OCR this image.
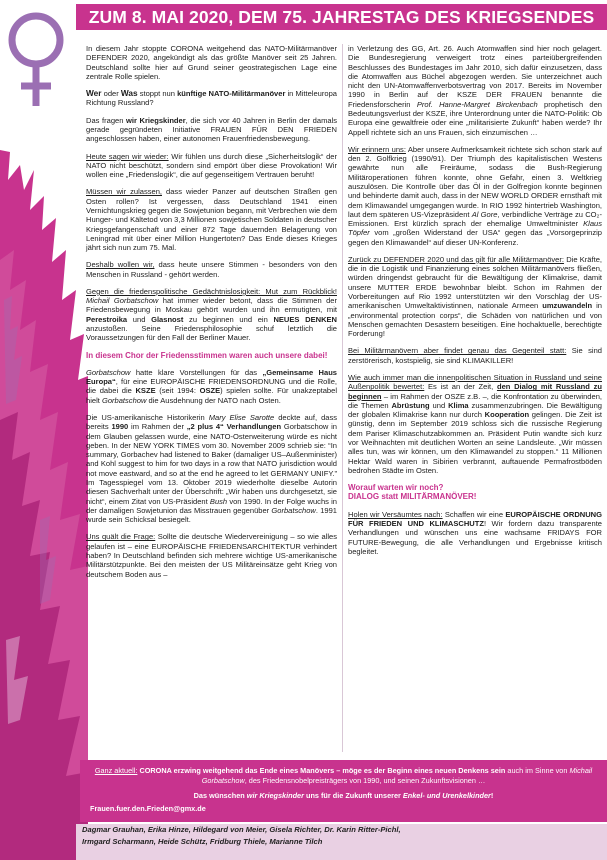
ZUM 8. MAI 2020, DEM 75. JAHRESTAG DES KRIEGSENDES

In diesem Jahr stoppte CORONA weitgehend das NATO-Militärmanöver DEFENDER 2020, angekündigt als das größte Manöver seit 25 Jahren. Deutschland sollte hier auf Grund seiner geostrategischen Lage eine zentrale Rolle spielen.

Wer oder Was stoppt nun künftige NATO-Militärmanöver in Mitteleuropa Richtung Russland?

Das fragen wir Kriegskinder, die sich vor 40 Jahren in Berlin der damals gerade gegründeten Initiative FRAUEN FÜR DEN FRIEDEN angeschlossen haben, einer autonomen Frauenfriedensbewegung.

Heute sagen wir wieder: Wir fühlen uns durch diese „Sicherheitslogik“ der NATO nicht beschützt, sondern sind empört über diese Provokation! Wir wollen eine „Friedenslogik“, die auf gegenseitigem Vertrauen beruht!

Müssen wir zulassen, dass wieder Panzer auf deutschen Straßen gen Osten rollen? Ist vergessen, dass Deutschland 1941 einen Vernichtungskrieg gegen die Sowjetunion begann, mit Verbrechen wie dem Hunger- und Kältetod von 3,3 Millionen sowjetischen Soldaten in deutscher Kriegsgefangenschaft und einer 872 Tage dauernden Belagerung von Leningrad mit über einer Million Hungertoten? Das Ende dieses Krieges jährt sich nun zum 75. Mal.

Deshalb wollen wir, dass heute unsere Stimmen - besonders von den Menschen in Russland - gehört werden.

Gegen die friedenspolitische Gedächtnislosigkeit: Mut zum Rückblick! Michail Gorbatschow hat immer wieder betont, dass die Stimmen der Friedensbewegung in Moskau gehört wurden und ihn ermutigten, mit Perestroika und Glasnost zu beginnen und ein NEUES DENKEN anzustoßen. Seine Friedensphilosophie schuf letztlich die Voraussetzungen für den Fall der Berliner Mauer.

In diesem Chor der Friedensstimmen waren auch unsere dabei!

Gorbatschow hatte klare Vorstellungen für das „Gemeinsame Haus Europa“, für eine EUROPÄISCHE FRIEDENSORDNUNG und die Rolle, die dabei die KSZE (seit 1994: OSZE) spielen sollte. Für unakzeptabel hielt Gorbatschow die Ausdehnung der NATO nach Osten.

Die US-amerikanische Historikerin Mary Elise Sarotte deckte auf, dass bereits 1990 im Rahmen der „2 plus 4“ Verhandlungen Gorbatschow in dem Glauben gelassen wurde, eine NATO-Osterweiterung würde es nicht geben. In der NEW YORK TIMES vom 30. November 2009 schrieb sie: “In summary, Gorbachev had listened to Baker (damaliger US–Außenminister) and Kohl suggest to him for two days in a row that NATO jurisdiction would not move eastward, and so at the end he agreed to let GERMANY UNIFY.” Im Tagesspiegel vom 13. Oktober 2019 wiederholte dieselbe Autorin diesen Sachverhalt unter der Überschrift: „Wir haben uns durchgesetzt, sie nicht“, einem Zitat von US-Präsident Bush von 1990. In der Folge wuchs in der damaligen Sowjetunion das Misstrauen gegenüber Gorbatschow. 1991 wurde sein Schicksal besiegelt.

Uns quält die Frage: Sollte die deutsche Wiedervereinigung – so wie alles gelaufen ist – eine EUROPÄISCHE FRIEDENSARCHITEKTUR verhindert haben? In Deutschland befinden sich mehrere wichtige US-amerikanische Militärstützpunkte. Bei den meisten der US Militäreinsätze geht Krieg von deutschem Boden aus –

in Verletzung des GG, Art. 26. Auch Atomwaffen sind hier noch gelagert. Die Bundesregierung verweigert trotz eines parteiübergreifenden Beschlusses des Bundestages im Jahr 2010, sich dafür einzusetzen, dass die Atomwaffen aus Büchel abgezogen werden. Sie unterzeichnet auch nicht den UN-Atomwaffenverbotsvertrag von 2017. Bereits im November 1990 in Berlin auf der KSZE DER FRAUEN benannte die Friedensforscherin Prof. Hanne-Margret Birckenbach prophetisch den Bedeutungsverlust der KSZE, ihre Unterordnung unter die NATO-Politik: Ob Europa eine gewaltfreie oder eine „militarisierte Zukunft“ haben werde? Ihr Appell richtete sich an uns Frauen, sich einzumischen …

Wir erinnern uns: Aber unsere Aufmerksamkeit richtete sich schon stark auf den 2. Golfkrieg (1990/91). Der Triumph des kapitalistischen Westens gewährte nun alle Freiräume, sodass die Bush-Regierung Militäroperationen führen konnte, ohne Gefahr, einen 3. Weltkrieg auszulösen. Die Kontrolle über das Öl in der Golfregion konnte beginnen und behinderte damit auch, dass in der NEW WORLD ORDER ernsthaft mit dem Klimawandel umgegangen wurde. In RIO 1992 hintertrieb Washington, laut dem späteren US-Vizepräsident Al Gore, verbindliche Verträge zu CO₂-Emissionen. Erst kürzlich sprach der ehemalige Umweltminister Klaus Töpfer vom „großen Widerstand der USA“ gegen das „Vorsorgeprinzip gegen den Klimawandel“ auf dieser UN-Konferenz.

Zurück zu DEFENDER 2020 und das gilt für alle Militärmanöver: Die Kräfte, die in die Logistik und Finanzierung eines solchen Militärmanövers fließen, würden dringendst gebraucht für die Bewältigung der Klimakrise, damit unsere MUTTER ERDE bewohnbar bleibt. Schon im Rahmen der Vorbereitungen auf Rio 1992 unterstützten wir den Vorschlag der US-amerikanischen Umweltaktivistinnen, nationale Armeen umzuwandeln in „environmental protection corps“, die Schäden von natürlichen und von Menschen gemachten Desastern beseitigen. Eine hochaktuelle, berechtigte Forderung!

Bei Militärmanövern aber findet genau das Gegenteil statt: Sie sind zerstörerisch, kostspielig, sie sind KLIMAKILLER!

Wie auch immer man die innenpolitischen Situation in Russland und seine Außenpolitik bewertet: Es ist an der Zeit, den Dialog mit Russland zu beginnen – im Rahmen der OSZE z.B. –, die Konfrontation zu überwinden, die Themen Abrüstung und Klima zusammenzubringen. Die Bewältigung der globalen Klimakrise kann nur durch Kooperation gelingen. Die Zeit ist günstig, denn im September 2019 schloss sich die russische Regierung dem Pariser Klimaschutzabkommen an. Präsident Putin wandte sich kurz vor Weihnachten mit deutlichen Worten an seine Landsleute. „Wir müssen alles tun, was wir können, um den Klimawandel zu stoppen.“ 11 Millionen Hektar Wald waren in Sibirien verbrannt, auftauende Permafrostböden bedrohen Städte im Osten.

Worauf warten wir noch?
DIALOG statt MILITÄRMANÖVER!

Holen wir Versäumtes nach: Schaffen wir eine EUROPÄISCHE ORDNUNG FÜR FRIEDEN UND KLIMASCHUTZ! Wir fordern dazu transparente Verhandlungen und wünschen uns eine wachsame FRIDAYS FOR FUTURE-Bewegung, die alle Verhandlungen und Ergebnisse kritisch begleitet.

Ganz aktuell: CORONA erzwing weitgehend das Ende eines Manövers – möge es der Beginn eines neuen Denkens sein auch im Sinne von Michail Gorbatschow, des Friedensnobelpreisträgers von 1990, und seinen Zukunftsvisionen …

Das wünschen wir Kriegskinder uns für die Zukunft unserer Enkel- und Urenkelkinder!

Frauen.fuer.den.Frieden@gmx.de

Dagmar Grauhan, Erika Hinze, Hildegard von Meier, Gisela Richter, Dr. Karin Ritter-Pichl,
Irmgard Scharmann, Heide Schütz, Fridburg Thiele, Marianne Tilch
